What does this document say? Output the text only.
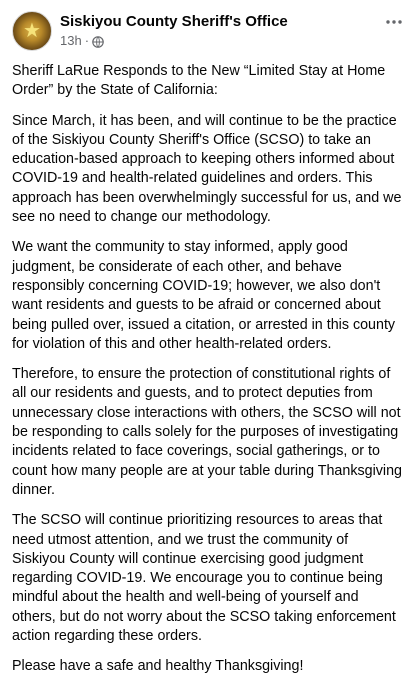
★
Siskiyou County Sheriff's Office
13h ·

Sheriff LaRue Responds to the New “Limited Stay at Home Order” by the State of California:

Since March, it has been, and will continue to be the practice of the Siskiyou County Sheriff's Office (SCSO) to take an education-based approach to keeping others informed about COVID-19 and health-related guidelines and orders. This approach has been overwhelmingly successful for us, and we see no need to change our methodology.

We want the community to stay informed, apply good judgment, be considerate of each other, and behave responsibly concerning COVID-19; however, we also don't want residents and guests to be afraid or concerned about being pulled over, issued a citation, or arrested in this county for violation of this and other health-related orders.

Therefore, to ensure the protection of constitutional rights of all our residents and guests, and to protect deputies from unnecessary close interactions with others, the SCSO will not be responding to calls solely for the purposes of investigating incidents related to face coverings, social gatherings, or to count how many people are at your table during Thanksgiving dinner.

The SCSO will continue prioritizing resources to areas that need utmost attention, and we trust the community of Siskiyou County will continue exercising good judgment regarding COVID-19. We encourage you to continue being mindful about the health and well-being of yourself and others, but do not worry about the SCSO taking enforcement action regarding these orders.

Please have a safe and healthy Thanksgiving!
